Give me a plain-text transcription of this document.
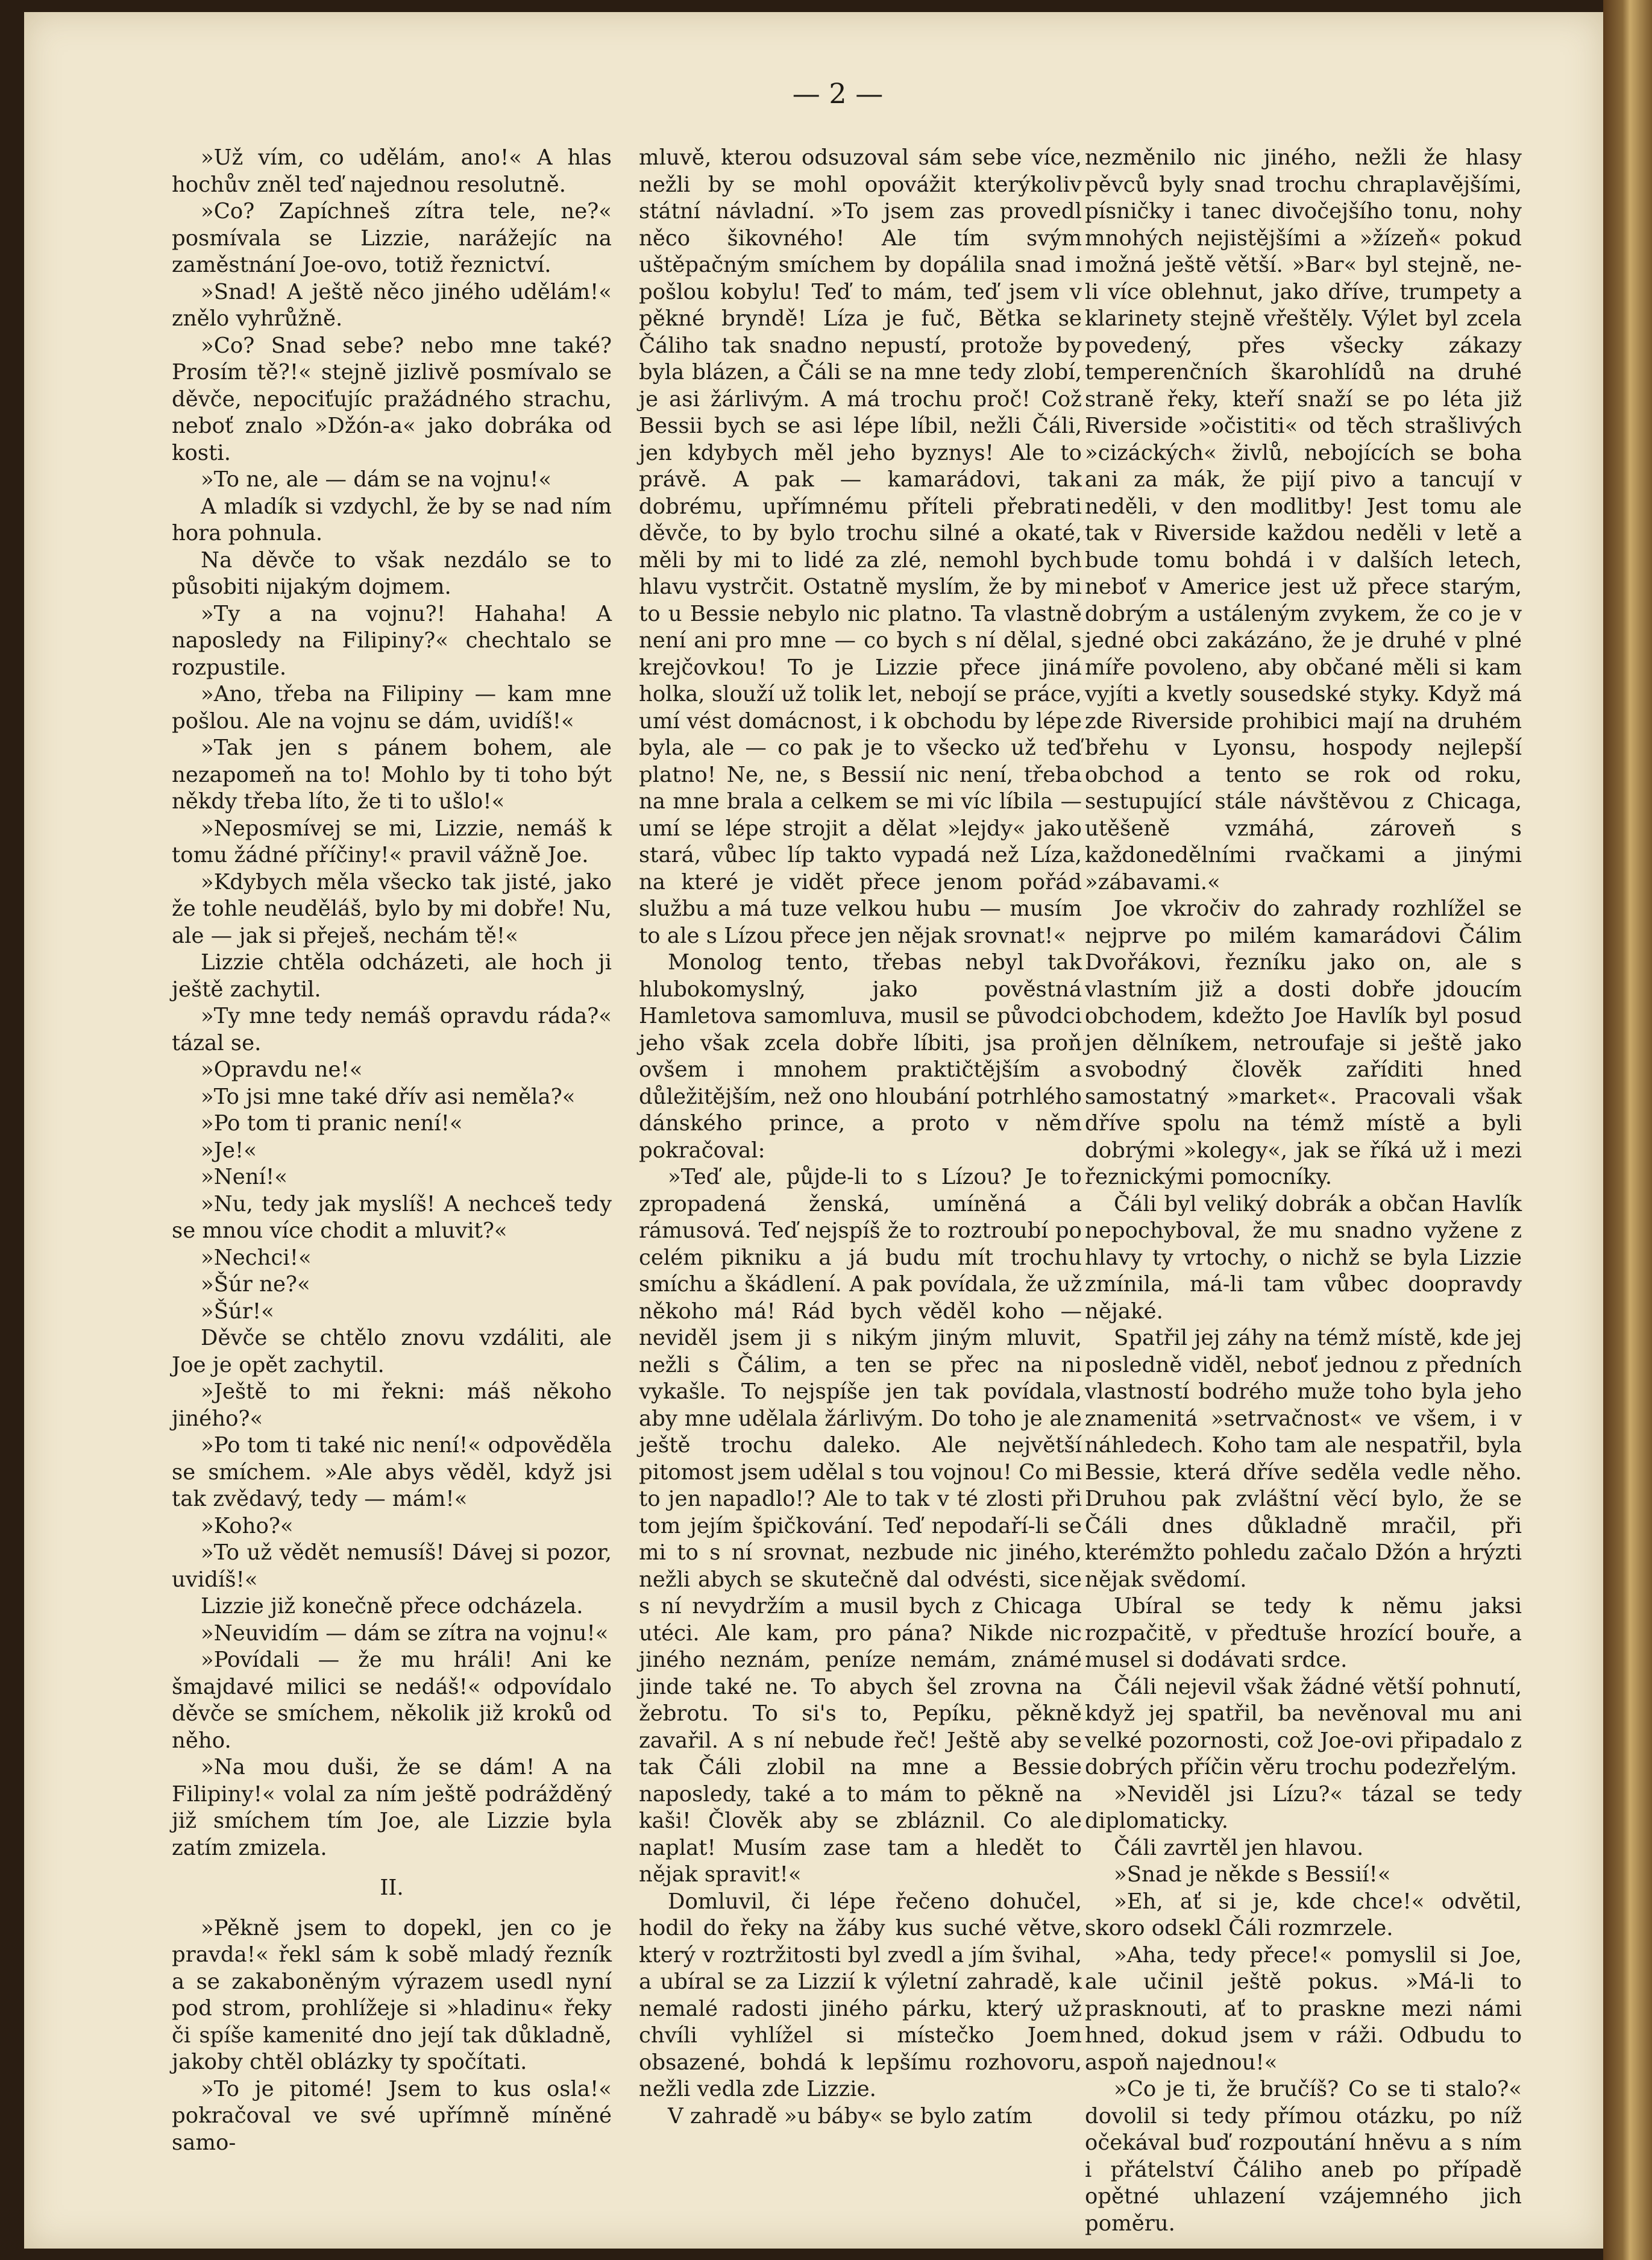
— 2 —

»Už vím, co udělám, ano!« A hlas hochův zněl teď najednou resolutně.

»Co? Zapíchneš zítra tele, ne?« posmívala se Lizzie, narážejíc na zaměstnání Joe-ovo, totiž řeznictví.

»Snad! A ještě něco jiného udělám!« znělo vyhrůžně.

»Co? Snad sebe? nebo mne také? Prosím tě?!« stejně jizlivě posmívalo se děvče, nepociťujíc pražádného strachu, neboť znalo »Džón-a« jako dobráka od kosti.

»To ne, ale — dám se na vojnu!«

A mladík si vzdychl, že by se nad ním hora pohnula.

Na děvče to však nezdálo se to působiti nijakým dojmem.

»Ty a na vojnu?! Hahaha! A naposledy na Filipiny?« chechtalo se rozpustile.

»Ano, třeba na Filipiny — kam mne pošlou. Ale na vojnu se dám, uvidíš!«

»Tak jen s pánem bohem, ale nezapomeň na to! Mohlo by ti toho být někdy třeba líto, že ti to ušlo!«

»Neposmívej se mi, Lizzie, nemáš k tomu žádné příčiny!« pravil vážně Joe.

»Kdybych měla všecko tak jisté, jako že tohle neuděláš, bylo by mi dobře! Nu, ale — jak si přeješ, nechám tě!«

Lizzie chtěla odcházeti, ale hoch ji ještě zachytil.

»Ty mne tedy nemáš opravdu ráda?« tázal se.

»Opravdu ne!«

»To jsi mne také dřív asi neměla?«

»Po tom ti pranic není!«

»Je!«

»Není!«

»Nu, tedy jak myslíš! A nechceš tedy se mnou více chodit a mluvit?«

»Nechci!«

»Šúr ne?«

»Šúr!«

Děvče se chtělo znovu vzdáliti, ale Joe je opět zachytil.

»Ještě to mi řekni: máš někoho jiného?«

»Po tom ti také nic není!« odpověděla se smíchem. »Ale abys věděl, když jsi tak zvědavý, tedy — mám!«

»Koho?«

»To už vědět nemusíš! Dávej si pozor, uvidíš!«

Lizzie již konečně přece odcházela.

»Neuvidím — dám se zítra na vojnu!«

»Povídali — že mu hráli! Ani ke šmajdavé milici se nedáš!« odpovídalo děvče se smíchem, několik již kroků od něho.

»Na mou duši, že se dám! A na Filipiny!« volal za ním ještě podrážděný již smíchem tím Joe, ale Lizzie byla zatím zmizela.

II.

»Pěkně jsem to dopekl, jen co je pravda!« řekl sám k sobě mladý řezník a se zakaboněným výrazem usedl nyní pod strom, prohlížeje si »hladinu« řeky či spíše kamenité dno její tak důkladně, jakoby chtěl oblázky ty spočítati.

»To je pitomé! Jsem to kus osla!« pokračoval ve své upřímně míněné samo-

mluvě, kterou odsuzoval sám sebe více, nežli by se mohl opovážit kterýkoliv státní návladní. »To jsem zas provedl něco šikovného! Ale tím svým uštěpačným smíchem by dopálila snad i pošlou kobylu! Teď to mám, teď jsem v pěkné bryndě! Líza je fuč, Bětka se Čáliho tak snadno nepustí, protože by byla blázen, a Čáli se na mne tedy zlobí, je asi žárlivým. A má trochu proč! Což Bessii bych se asi lépe líbil, nežli Čáli, jen kdybych měl jeho byznys! Ale to právě. A pak — kamarádovi, tak dobrému, upřímnému příteli přebrati děvče, to by bylo trochu silné a okaté, měli by mi to lidé za zlé, nemohl bych hlavu vystrčit. Ostatně myslím, že by mi to u Bessie nebylo nic platno. Ta vlastně není ani pro mne — co bych s ní dělal, s krejčovkou! To je Lizzie přece jiná holka, slouží už tolik let, nebojí se práce, umí vést domácnost, i k obchodu by lépe byla, ale — co pak je to všecko už teď platno! Ne, ne, s Bessií nic není, třeba na mne brala a celkem se mi víc líbila — umí se lépe strojit a dělat »lejdy« jako stará, vůbec líp takto vypadá než Líza, na které je vidět přece jenom pořád službu a má tuze velkou hubu — musím to ale s Lízou přece jen nějak srovnat!«

Monolog tento, třebas nebyl tak hlubokomyslný, jako pověstná Hamletova samomluva, musil se původci jeho však zcela dobře líbiti, jsa proň ovšem i mnohem praktičtějším a důležitějším, než ono hloubání potrhlého dánského prince, a proto v něm pokračoval:

»Teď ale, půjde-li to s Lízou? Je to zpropadená ženská, umíněná a rámusová. Teď nejspíš že to roztroubí po celém pikniku a já budu mít trochu smíchu a škádlení. A pak povídala, že už někoho má! Rád bych věděl koho — neviděl jsem ji s nikým jiným mluvit, nežli s Čálim, a ten se přec na ni vykašle. To nejspíše jen tak povídala, aby mne udělala žárlivým. Do toho je ale ještě trochu daleko. Ale největší pitomost jsem udělal s tou vojnou! Co mi to jen napadlo!? Ale to tak v té zlosti při tom jejím špičkování. Teď nepodaří-li se mi to s ní srovnat, nezbude nic jiného, nežli abych se skutečně dal odvésti, sice s ní nevydržím a musil bych z Chicaga utéci. Ale kam, pro pána? Nikde nic jiného neznám, peníze nemám, známé jinde také ne. To abych šel zrovna na žebrotu. To si's to, Pepíku, pěkně zavařil. A s ní nebude řeč! Ještě aby se tak Čáli zlobil na mne a Bessie naposledy, také a to mám to pěkně na kaši! Člověk aby se zbláznil. Co ale naplat! Musím zase tam a hledět to nějak spravit!«

Domluvil, či lépe řečeno dohučel, hodil do řeky na žáby kus suché větve, který v roztržitosti byl zvedl a jím švihal, a ubíral se za Lizzií k výletní zahradě, k nemalé radosti jiného párku, který už chvíli vyhlížel si místečko Joem obsazené, bohdá k lepšímu rozhovoru, nežli vedla zde Lizzie.

V zahradě »u báby« se bylo zatím

nezměnilo nic jiného, nežli že hlasy pěvců byly snad trochu chraplavějšími, písničky i tanec divočejšího tonu, nohy mnohých nejistějšími a »žízeň« pokud možná ještě větší. »Bar« byl stejně, ne-li více oblehnut, jako dříve, trumpety a klarinety stejně vřeštěly. Výlet byl zcela povedený, přes všecky zákazy temperenčních škarohlídů na druhé straně řeky, kteří snaží se po léta již Riverside »očistiti« od těch strašlivých »cizáckých« živlů, nebojících se boha ani za mák, že pijí pivo a tancují v neděli, v den modlitby! Jest tomu ale tak v Riverside každou neděli v letě a bude tomu bohdá i v dalších letech, neboť v Americe jest už přece starým, dobrým a ustáleným zvykem, že co je v jedné obci zakázáno, že je druhé v plné míře povoleno, aby občané měli si kam vyjíti a kvetly sousedské styky. Když má zde Riverside prohibici mají na druhém břehu v Lyonsu, hospody nejlepší obchod a tento se rok od roku, sestupující stále návštěvou z Chicaga, utěšeně vzmáhá, zároveň s každonedělními rvačkami a jinými »zábavami.«

Joe vkročiv do zahrady rozhlížel se nejprve po milém kamarádovi Čálim Dvořákovi, řezníku jako on, ale s vlastním již a dosti dobře jdoucím obchodem, kdežto Joe Havlík byl posud jen dělníkem, netroufaje si ještě jako svobodný člověk zaříditi hned samostatný »market«. Pracovali však dříve spolu na témž místě a byli dobrými »kolegy«, jak se říká už i mezi řeznickými pomocníky.

Čáli byl veliký dobrák a občan Havlík nepochyboval, že mu snadno vyžene z hlavy ty vrtochy, o nichž se byla Lizzie zmínila, má-li tam vůbec doopravdy nějaké.

Spatřil jej záhy na témž místě, kde jej posledně viděl, neboť jednou z předních vlastností bodrého muže toho byla jeho znamenitá »setrvačnost« ve všem, i v náhledech. Koho tam ale nespatřil, byla Bessie, která dříve seděla vedle něho. Druhou pak zvláštní věcí bylo, že se Čáli dnes důkladně mračil, při kterémžto pohledu začalo Džón a hrýzti nějak svědomí.

Ubíral se tedy k němu jaksi rozpačitě, v předtuše hrozící bouře, a musel si dodávati srdce.

Čáli nejevil však žádné větší pohnutí, když jej spatřil, ba nevěnoval mu ani velké pozornosti, což Joe-ovi připadalo z dobrých příčin věru trochu podezřelým.

»Neviděl jsi Lízu?« tázal se tedy diplomaticky.

Čáli zavrtěl jen hlavou.

»Snad je někde s Bessií!«

»Eh, ať si je, kde chce!« odvětil, skoro odsekl Čáli rozmrzele.

»Aha, tedy přece!« pomyslil si Joe, ale učinil ještě pokus. »Má-li to prasknouti, ať to praskne mezi námi hned, dokud jsem v ráži. Odbudu to aspoň najednou!«

»Co je ti, že bručíš? Co se ti stalo?« dovolil si tedy přímou otázku, po níž očekával buď rozpoutání hněvu a s ním i přátelství Čáliho aneb po případě opětné uhlazení vzájemného jich poměru.
